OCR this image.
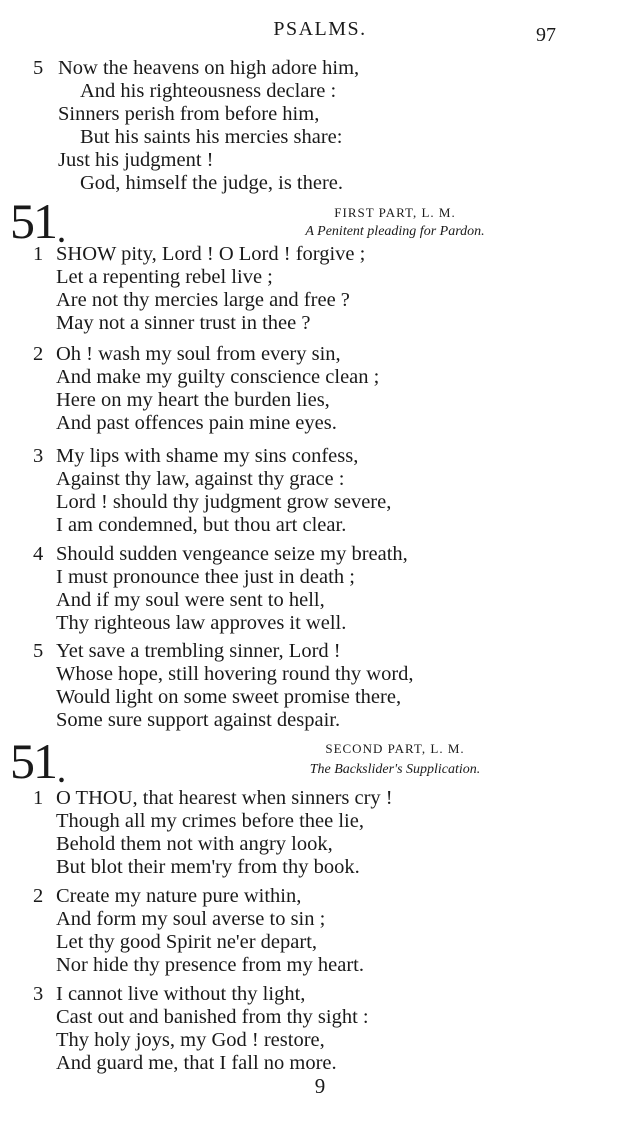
PSALMS.	97
5 Now the heavens on high adore him,
And his righteousness declare :
Sinners perish from before him,
But his saints his mercies share:
Just his judgment !
God, himself the judge, is there.
51 .
FIRST PART, L. M.
A Penitent pleading for Pardon.
1 SHOW pity, Lord ! O Lord ! forgive ;
Let a repenting rebel live ;
Are not thy mercies large and free ?
May not a sinner trust in thee ?
2 Oh ! wash my soul from every sin,
And make my guilty conscience clean ;
Here on my heart the burden lies,
And past offences pain mine eyes.
3 My lips with shame my sins confess,
Against thy law, against thy grace :
Lord ! should thy judgment grow severe,
I am condemned, but thou art clear.
4 Should sudden vengeance seize my breath,
I must pronounce thee just in death ;
And if my soul were sent to hell,
Thy righteous law approves it well.
5 Yet save a trembling sinner, Lord !
Whose hope, still hovering round thy word,
Would light on some sweet promise there,
Some sure support against despair.
51 .
SECOND PART, L. M.
The Backslider's Supplication.
1 O THOU, that hearest when sinners cry !
Though all my crimes before thee lie,
Behold them not with angry look,
But blot their mem'ry from thy book.
2 Create my nature pure within,
And form my soul averse to sin ;
Let thy good Spirit ne'er depart,
Nor hide thy presence from my heart.
3 I cannot live without thy light,
Cast out and banished from thy sight :
Thy holy joys, my God ! restore,
And guard me, that I fall no more.
9
